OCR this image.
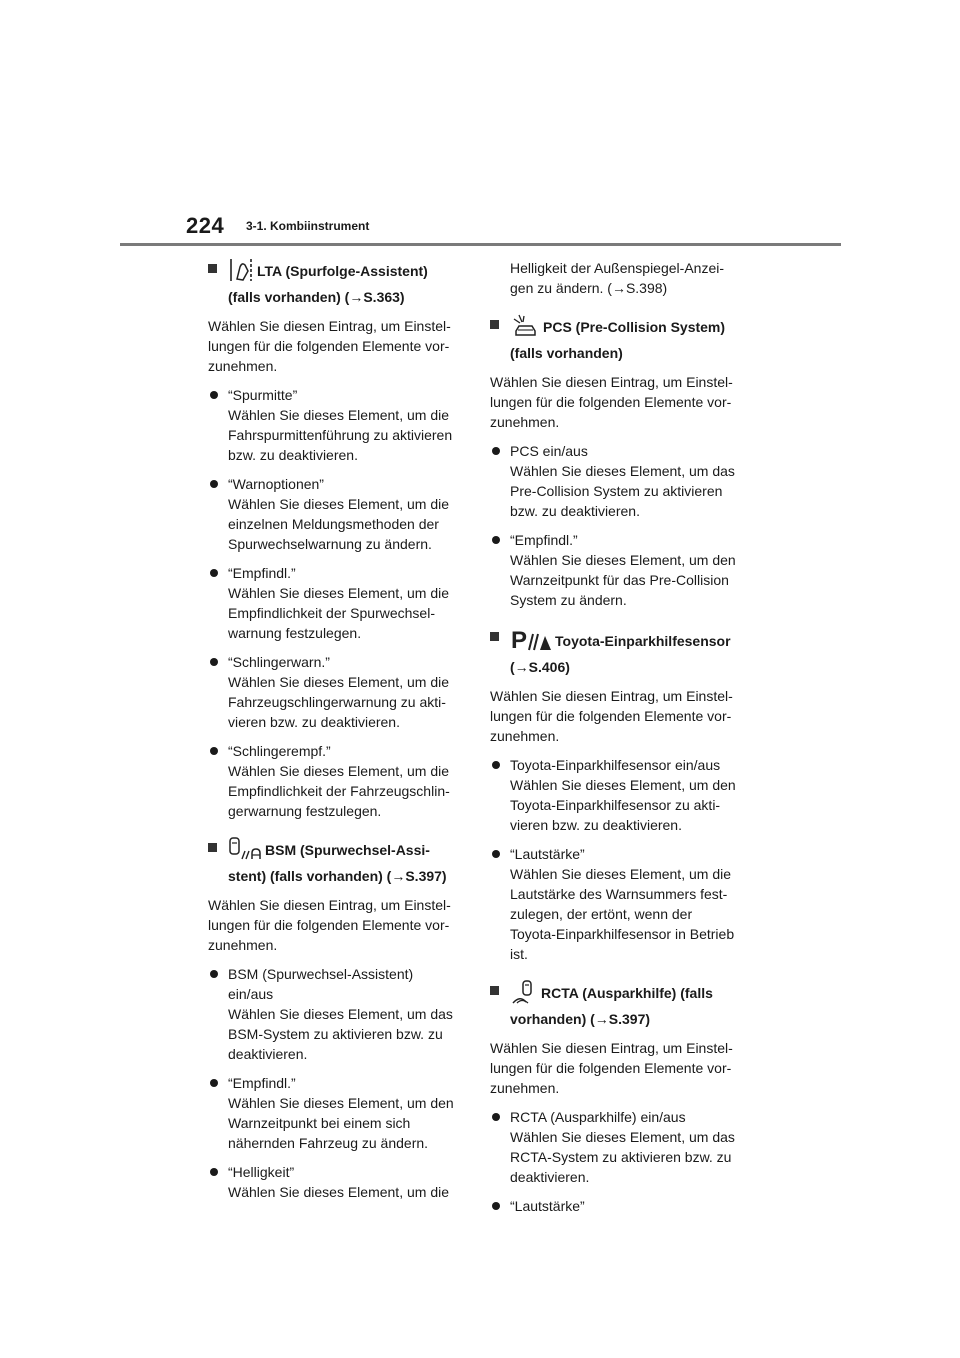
224 3-1. Kombiinstrument

LTA (Spurfolge-Assistent)
(falls vorhanden) (→S.363)

Wählen Sie diesen Eintrag, um Einstel-
lungen für die folgenden Elemente vor-
zunehmen.

“Spurmitte”
Wählen Sie dieses Element, um die
Fahrspurmittenführung zu aktivieren
bzw. zu deaktivieren.

“Warnoptionen”
Wählen Sie dieses Element, um die
einzelnen Meldungsmethoden der
Spurwechselwarnung zu ändern.

“Empfindl.”
Wählen Sie dieses Element, um die
Empfindlichkeit der Spurwechsel-
warnung festzulegen.

“Schlingerwarn.”
Wählen Sie dieses Element, um die
Fahrzeugschlingerwarnung zu akti-
vieren bzw. zu deaktivieren.

“Schlingerempf.”
Wählen Sie dieses Element, um die
Empfindlichkeit der Fahrzeugschlin-
gerwarnung festzulegen.

BSM (Spurwechsel-Assi-
stent) (falls vorhanden) (→S.397)

Wählen Sie diesen Eintrag, um Einstel-
lungen für die folgenden Elemente vor-
zunehmen.

BSM (Spurwechsel-Assistent)
ein/aus
Wählen Sie dieses Element, um das
BSM-System zu aktivieren bzw. zu
deaktivieren.

“Empfindl.”
Wählen Sie dieses Element, um den
Warnzeitpunkt bei einem sich
nähernden Fahrzeug zu ändern.

“Helligkeit”
Wählen Sie dieses Element, um die

Helligkeit der Außenspiegel-Anzei-
gen zu ändern. (→S.398)

PCS (Pre-Collision System)
(falls vorhanden)

Wählen Sie diesen Eintrag, um Einstel-
lungen für die folgenden Elemente vor-
zunehmen.

PCS ein/aus
Wählen Sie dieses Element, um das
Pre-Collision System zu aktivieren
bzw. zu deaktivieren.

“Empfindl.”
Wählen Sie dieses Element, um den
Warnzeitpunkt für das Pre-Collision
System zu ändern.

P Toyota-Einparkhilfesensor
(→S.406)

Wählen Sie diesen Eintrag, um Einstel-
lungen für die folgenden Elemente vor-
zunehmen.

Toyota-Einparkhilfesensor ein/aus
Wählen Sie dieses Element, um den
Toyota-Einparkhilfesensor zu akti-
vieren bzw. zu deaktivieren.

“Lautstärke”
Wählen Sie dieses Element, um die
Lautstärke des Warnsummers fest-
zulegen, der ertönt, wenn der
Toyota-Einparkhilfesensor in Betrieb
ist.

RCTA (Ausparkhilfe) (falls
vorhanden) (→S.397)

Wählen Sie diesen Eintrag, um Einstel-
lungen für die folgenden Elemente vor-
zunehmen.

RCTA (Ausparkhilfe) ein/aus
Wählen Sie dieses Element, um das
RCTA-System zu aktivieren bzw. zu
deaktivieren.

“Lautstärke”
